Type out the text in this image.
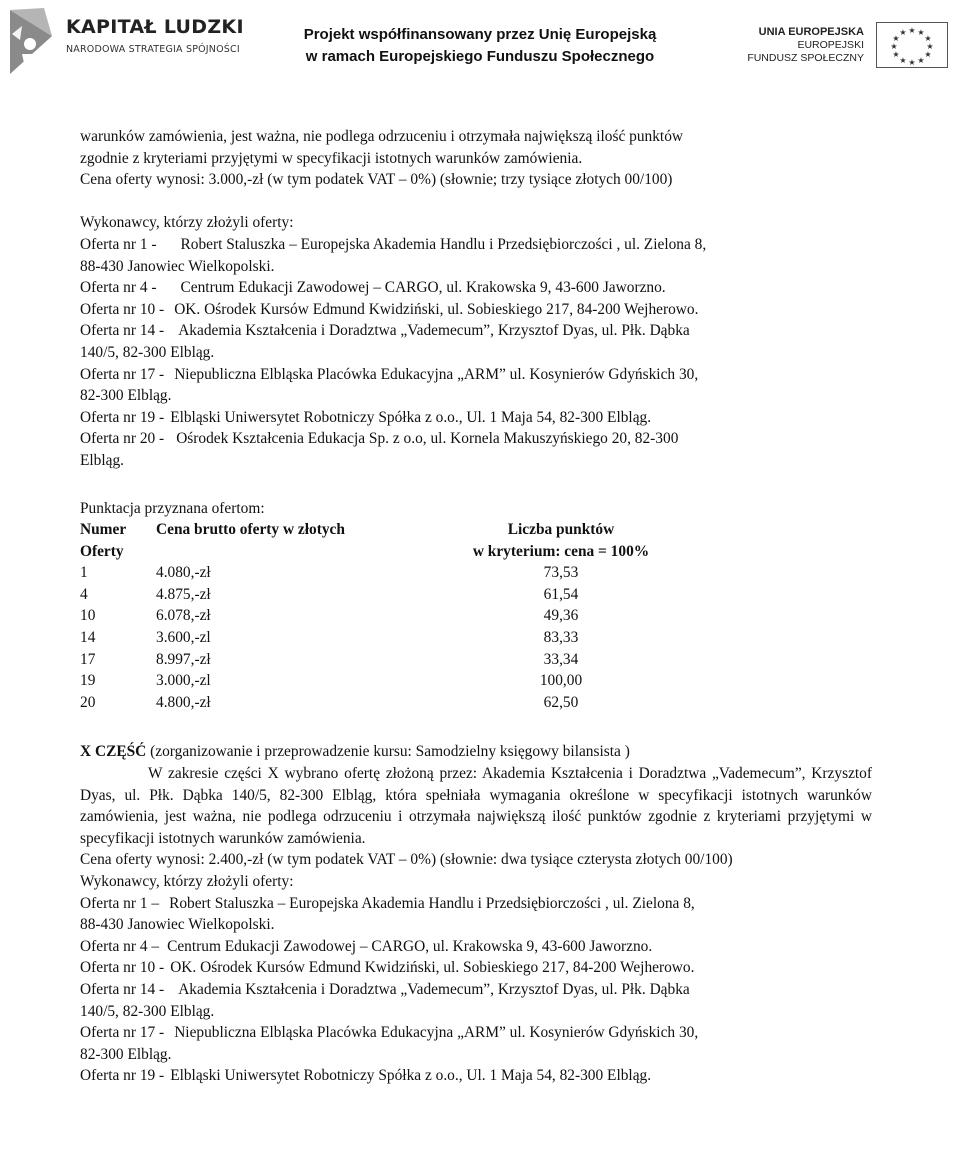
KAPITAŁ LUDZKI
NARODOWA STRATEGIA SPÓJNOŚCI
Projekt współfinansowany przez Unię Europejską
w ramach Europejskiego Funduszu Społecznego
UNIA EUROPEJSKA
EUROPEJSKI
FUNDUSZ SPOŁECZNY
★ ★
★
★
★
★
★
★
★
★
★
★

warunków zamówienia, jest ważna, nie podlega odrzuceniu i otrzymała największą ilość punktów

zgodnie z kryteriami przyjętymi w specyfikacji istotnych warunków zamówienia.

Cena oferty wynosi: 3.000,-zł (w tym podatek VAT – 0%) (słownie; trzy tysiące złotych 00/100)

Wykonawcy, którzy złożyli oferty:

Oferta nr 1 - Robert Staluszka – Europejska Akademia Handlu i Przedsiębiorczości , ul. Zielona 8,

88-430 Janowiec Wielkopolski.

Oferta nr 4 - Centrum Edukacji Zawodowej – CARGO, ul. Krakowska 9, 43-600 Jaworzno.
Oferta nr 10 - OK. Ośrodek Kursów Edmund Kwidziński, ul. Sobieskiego 217, 84-200 Wejherowo.
Oferta nr 14 - Akademia Kształcenia i Doradztwa „Vademecum”, Krzysztof Dyas, ul. Płk. Dąbka

140/5, 82-300 Elbląg.

Oferta nr 17 - Niepubliczna Elbląska Placówka Edukacyjna „ARM” ul. Kosynierów Gdyńskich 30,

82-300 Elbląg.

Oferta nr 19 - Elbląski Uniwersytet Robotniczy Spółka z o.o., Ul. 1 Maja 54, 82-300 Elbląg.
Oferta nr 20 - Ośrodek Kształcenia Edukacja Sp. z o.o, ul. Kornela Makuszyńskiego 20, 82-300

Elbląg.

Punktacja przyznana ofertom:

Numer
Oferty	Cena brutto oferty w złotych	Liczba punktów
w kryterium: cena = 100%
1	4.080,-zł	73,53
4	4.875,-zł	61,54
10	6.078,-zł	49,36
14	3.600,-zl	83,33
17	8.997,-zł	33,34
19	3.000,-zl	100,00
20	4.800,-zł	62,50

X CZĘŚĆ (zorganizowanie i przeprowadzenie kursu: Samodzielny księgowy bilansista )

W zakresie części X wybrano ofertę złożoną przez: Akademia Kształcenia i Doradztwa „Vademecum”, Krzysztof Dyas, ul. Płk. Dąbka 140/5, 82-300 Elbląg, która spełniała wymagania określone w specyfikacji istotnych warunków zamówienia, jest ważna, nie podlega odrzuceniu i otrzymała największą ilość punktów zgodnie z kryteriami przyjętymi w specyfikacji istotnych warunków zamówienia.

Cena oferty wynosi: 2.400,-zł (w tym podatek VAT – 0%) (słownie: dwa tysiące czterysta złotych 00/100)

Wykonawcy, którzy złożyli oferty:

Oferta nr 1 – Robert Staluszka – Europejska Akademia Handlu i Przedsiębiorczości , ul. Zielona 8,

88-430 Janowiec Wielkopolski.

Oferta nr 4 – Centrum Edukacji Zawodowej – CARGO, ul. Krakowska 9, 43-600 Jaworzno.
Oferta nr 10 - OK. Ośrodek Kursów Edmund Kwidziński, ul. Sobieskiego 217, 84-200 Wejherowo.
Oferta nr 14 - Akademia Kształcenia i Doradztwa „Vademecum”, Krzysztof Dyas, ul. Płk. Dąbka

140/5, 82-300 Elbląg.

Oferta nr 17 - Niepubliczna Elbląska Placówka Edukacyjna „ARM” ul. Kosynierów Gdyńskich 30,

82-300 Elbląg.

Oferta nr 19 - Elbląski Uniwersytet Robotniczy Spółka z o.o., Ul. 1 Maja 54, 82-300 Elbląg.
